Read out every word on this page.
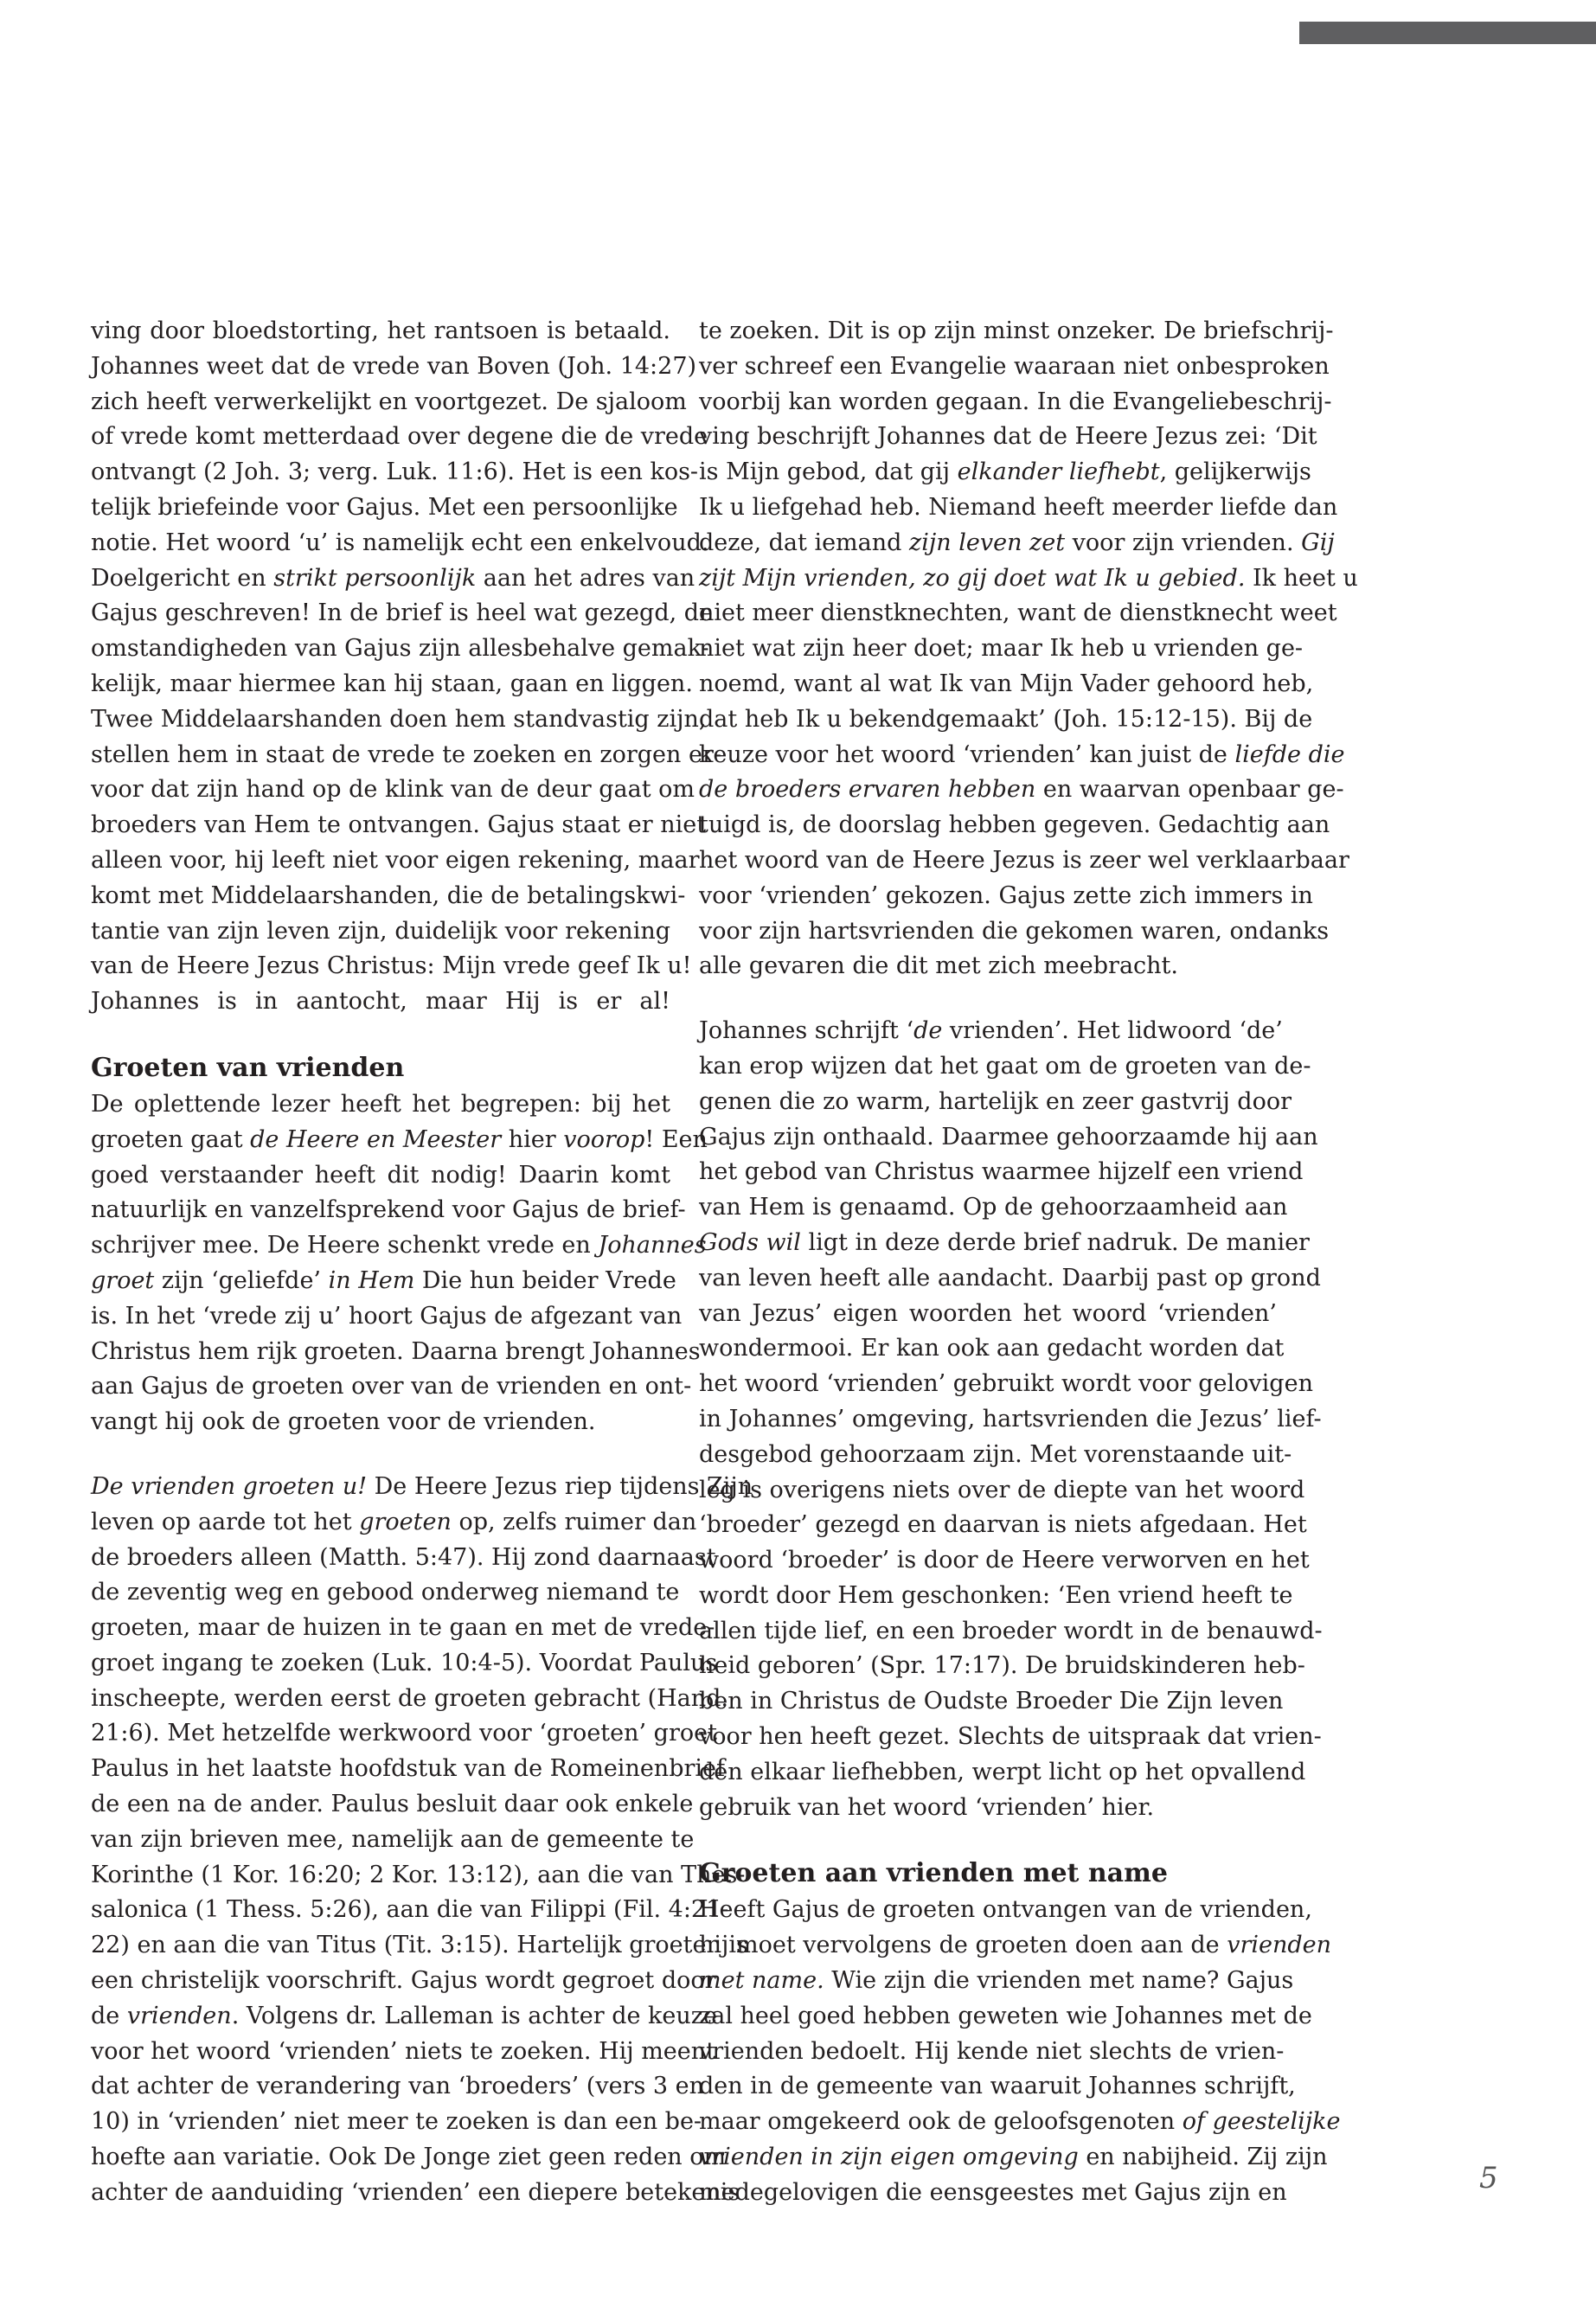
ving door bloedstorting, het rantsoen is betaald.
Johannes weet dat de vrede van Boven (Joh. 14:27)
zich heeft verwerkelijkt en voortgezet. De sjaloom
of vrede komt metterdaad over degene die de vrede
ontvangt (2 Joh. 3; verg. Luk. 11:6). Het is een kos-
telijk briefeinde voor Gajus. Met een persoonlijke
notie. Het woord ‘u’ is namelijk echt een enkelvoud.
Doelgericht en strikt persoonlijk aan het adres van
Gajus geschreven! In de brief is heel wat gezegd, de
omstandigheden van Gajus zijn allesbehalve gemak-
kelijk, maar hiermee kan hij staan, gaan en liggen.
Twee Middelaarshanden doen hem standvastig zijn,
stellen hem in staat de vrede te zoeken en zorgen er-
voor dat zijn hand op de klink van de deur gaat om
broeders van Hem te ontvangen. Gajus staat er niet
alleen voor, hij leeft niet voor eigen rekening, maar
komt met Middelaarshanden, die de betalingskwi-
tantie van zijn leven zijn, duidelijk voor rekening
van de Heere Jezus Christus: Mijn vrede geef Ik u!
Johannes is in aantocht, maar Hij is er al!
Groeten van vrienden
De oplettende lezer heeft het begrepen: bij het
groeten gaat de Heere en Meester hier voorop! Een
goed verstaander heeft dit nodig! Daarin komt
natuurlijk en vanzelfsprekend voor Gajus de brief-
schrijver mee. De Heere schenkt vrede en Johannes
groet zijn ‘geliefde’ in Hem Die hun beider Vrede
is. In het ‘vrede zij u’ hoort Gajus de afgezant van
Christus hem rijk groeten. Daarna brengt Johannes
aan Gajus de groeten over van de vrienden en ont-
vangt hij ook de groeten voor de vrienden.
De vrienden groeten u! De Heere Jezus riep tijdens Zijn
leven op aarde tot het groeten op, zelfs ruimer dan
de broeders alleen (Matth. 5:47). Hij zond daarnaast
de zeventig weg en gebood onderweg niemand te
groeten, maar de huizen in te gaan en met de vrede-
groet ingang te zoeken (Luk. 10:4-5). Voordat Paulus
inscheepte, werden eerst de groeten gebracht (Hand.
21:6). Met hetzelfde werkwoord voor ‘groeten’ groet
Paulus in het laatste hoofdstuk van de Romeinenbrief
de een na de ander. Paulus besluit daar ook enkele
van zijn brieven mee, namelijk aan de gemeente te
Korinthe (1 Kor. 16:20; 2 Kor. 13:12), aan die van Thes-
salonica (1 Thess. 5:26), aan die van Filippi (Fil. 4:21-
22) en aan die van Titus (Tit. 3:15). Hartelijk groeten is
een christelijk voorschrift. Gajus wordt gegroet door
de vrienden. Volgens dr. Lalleman is achter de keuze
voor het woord ‘vrienden’ niets te zoeken. Hij meent
dat achter de verandering van ‘broeders’ (vers 3 en
10) in ‘vrienden’ niet meer te zoeken is dan een be-
hoefte aan variatie. Ook De Jonge ziet geen reden om
achter de aanduiding ‘vrienden’ een diepere betekenis
te zoeken. Dit is op zijn minst onzeker. De briefschrij-
ver schreef een Evangelie waaraan niet onbesproken
voorbij kan worden gegaan. In die Evangeliebeschrij-
ving beschrijft Johannes dat de Heere Jezus zei: ‘Dit
is Mijn gebod, dat gij elkander liefhebt, gelijkerwijs
Ik u liefgehad heb. Niemand heeft meerder liefde dan
deze, dat iemand zijn leven zet voor zijn vrienden. Gij
zijt Mijn vrienden, zo gij doet wat Ik u gebied. Ik heet u
niet meer dienstknechten, want de dienstknecht weet
niet wat zijn heer doet; maar Ik heb u vrienden ge-
noemd, want al wat Ik van Mijn Vader gehoord heb,
dat heb Ik u bekendgemaakt’ (Joh. 15:12-15). Bij de
keuze voor het woord ‘vrienden’ kan juist de liefde die
de broeders ervaren hebben en waarvan openbaar ge-
tuigd is, de doorslag hebben gegeven. Gedachtig aan
het woord van de Heere Jezus is zeer wel verklaarbaar
voor ‘vrienden’ gekozen. Gajus zette zich immers in
voor zijn hartsvrienden die gekomen waren, ondanks
alle gevaren die dit met zich meebracht.
Johannes schrijft ‘de vrienden’. Het lidwoord ‘de’
kan erop wijzen dat het gaat om de groeten van de-
genen die zo warm, hartelijk en zeer gastvrij door
Gajus zijn onthaald. Daarmee gehoorzaamde hij aan
het gebod van Christus waarmee hijzelf een vriend
van Hem is genaamd. Op de gehoorzaamheid aan
Gods wil ligt in deze derde brief nadruk. De manier
van leven heeft alle aandacht. Daarbij past op grond
van Jezus’ eigen woorden het woord ‘vrienden’
wondermooi. Er kan ook aan gedacht worden dat
het woord ‘vrienden’ gebruikt wordt voor gelovigen
in Johannes’ omgeving, hartsvrienden die Jezus’ lief-
desgebod gehoorzaam zijn. Met vorenstaande uit-
leg is overigens niets over de diepte van het woord
‘broeder’ gezegd en daarvan is niets afgedaan. Het
woord ‘broeder’ is door de Heere verworven en het
wordt door Hem geschonken: ‘Een vriend heeft te
allen tijde lief, en een broeder wordt in de benauwd-
heid geboren’ (Spr. 17:17). De bruidskinderen heb-
ben in Christus de Oudste Broeder Die Zijn leven
voor hen heeft gezet. Slechts de uitspraak dat vrien-
den elkaar liefhebben, werpt licht op het opvallend
gebruik van het woord ‘vrienden’ hier.
Groeten aan vrienden met name
Heeft Gajus de groeten ontvangen van de vrienden,
hij moet vervolgens de groeten doen aan de vrienden
met name. Wie zijn die vrienden met name? Gajus
zal heel goed hebben geweten wie Johannes met de
vrienden bedoelt. Hij kende niet slechts de vrien-
den in de gemeente van waaruit Johannes schrijft,
maar omgekeerd ook de geloofsgenoten of geestelijke
vrienden in zijn eigen omgeving en nabijheid. Zij zijn
medegelovigen die eensgeestes met Gajus zijn en	5
